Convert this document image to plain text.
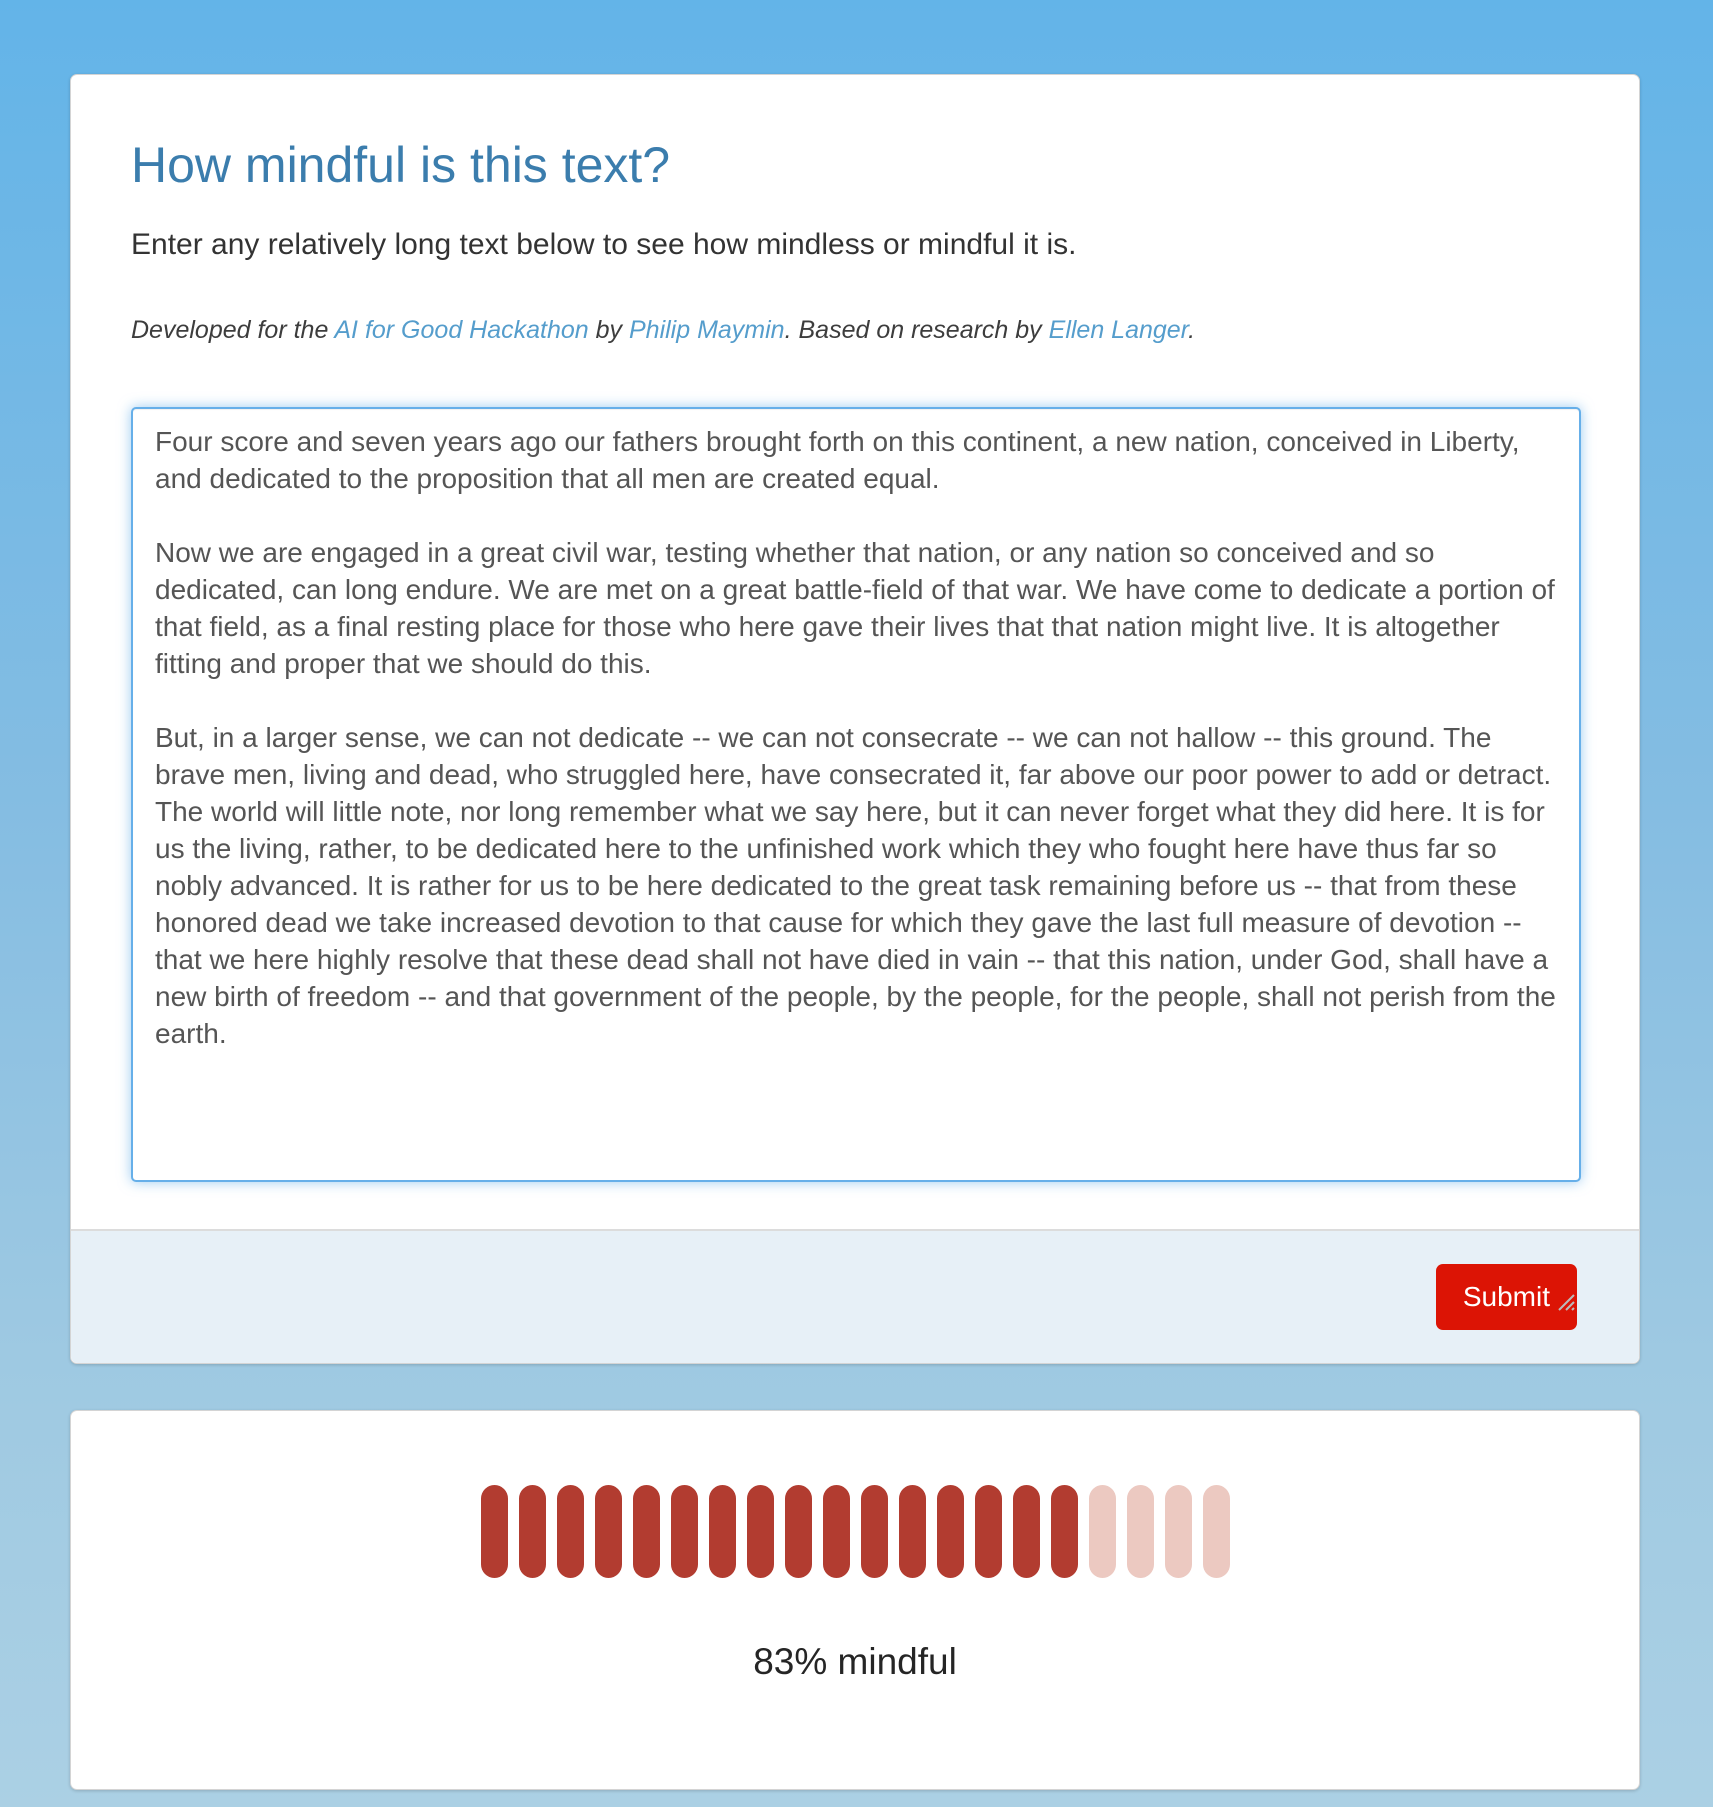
How mindful is this text?
Enter any relatively long text below to see how mindless or mindful it is.
Developed for the AI for Good Hackathon by Philip Maymin. Based on research by Ellen Langer.
Four score and seven years ago our fathers brought forth on this continent, a new nation, conceived in Liberty, and dedicated to the proposition that all men are created equal. Now we are engaged in a great civil war, testing whether that nation, or any nation so conceived and so dedicated, can long endure. We are met on a great battle-field of that war. We have come to dedicate a portion of that field, as a final resting place for those who here gave their lives that that nation might live. It is altogether fitting and proper that we should do this. But, in a larger sense, we can not dedicate -- we can not consecrate -- we can not hallow -- this ground. The brave men, living and dead, who struggled here, have consecrated it, far above our poor power to add or detract. The world will little note, nor long remember what we say here, but it can never forget what they did here. It is for us the living, rather, to be dedicated here to the unfinished work which they who fought here have thus far so nobly advanced. It is rather for us to be here dedicated to the great task remaining before us -- that from these honored dead we take increased devotion to that cause for which they gave the last full measure of devotion -- that we here highly resolve that these dead shall not have died in vain -- that this nation, under God, shall have a new birth of freedom -- and that government of the people, by the people, for the people, shall not perish from the earth.
Submit
83% mindful
